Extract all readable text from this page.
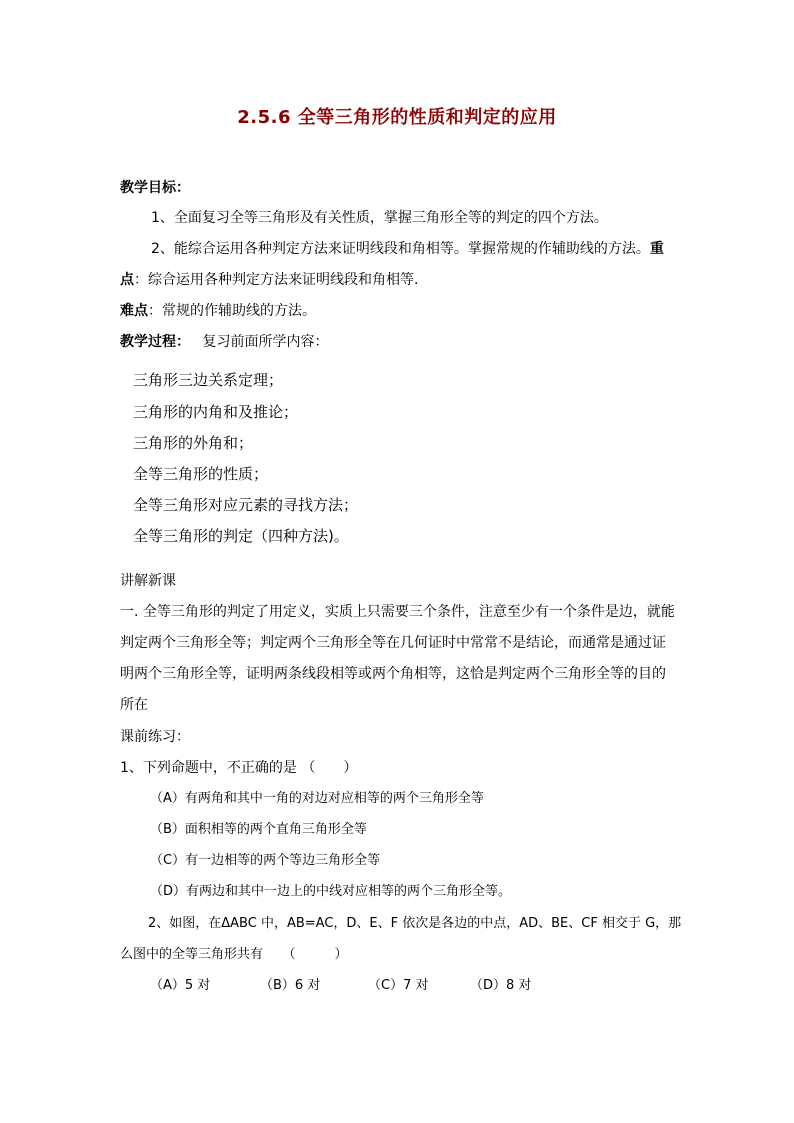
2.5.6 全等三角形的性质和判定的应用
教学目标：
1、全面复习全等三角形及有关性质，掌握三角形全等的判定的四个方法。
2、能综合运用各种判定方法来证明线段和角相等。掌握常规的作辅助线的方法。重
点：综合运用各种判定方法来证明线段和角相等.
难点：常规的作辅助线的方法。
教学过程： 复习前面所学内容：
三角形三边关系定理；
三角形的内角和及推论；
三角形的外角和；
全等三角形的性质；
全等三角形对应元素的寻找方法；
全等三角形的判定（四种方法)。
讲解新课
一. 全等三角形的判定了用定义，实质上只需要三个条件，注意至少有一个条件是边，就能
判定两个三角形全等；判定两个三角形全等在几何证时中常常不是结论，而通常是通过证
明两个三角形全等，证明两条线段相等或两个角相等，这恰是判定两个三角形全等的目的
所在
课前练习：
1、下列命题中，不正确的是 （　　）
（A）有两角和其中一角的对边对应相等的两个三角形全等
（B）面积相等的两个直角三角形全等
（C）有一边相等的两个等边三角形全等
（D）有两边和其中一边上的中线对应相等的两个三角形全等。
2、如图，在ΔABC 中，AB=AC，D、E、F 依次是各边的中点，AD、BE、CF 相交于 G，那
么图中的全等三角形共有　　（　　　）
（A）5 对	（B）6 对	（C）7 对	（D）8 对
